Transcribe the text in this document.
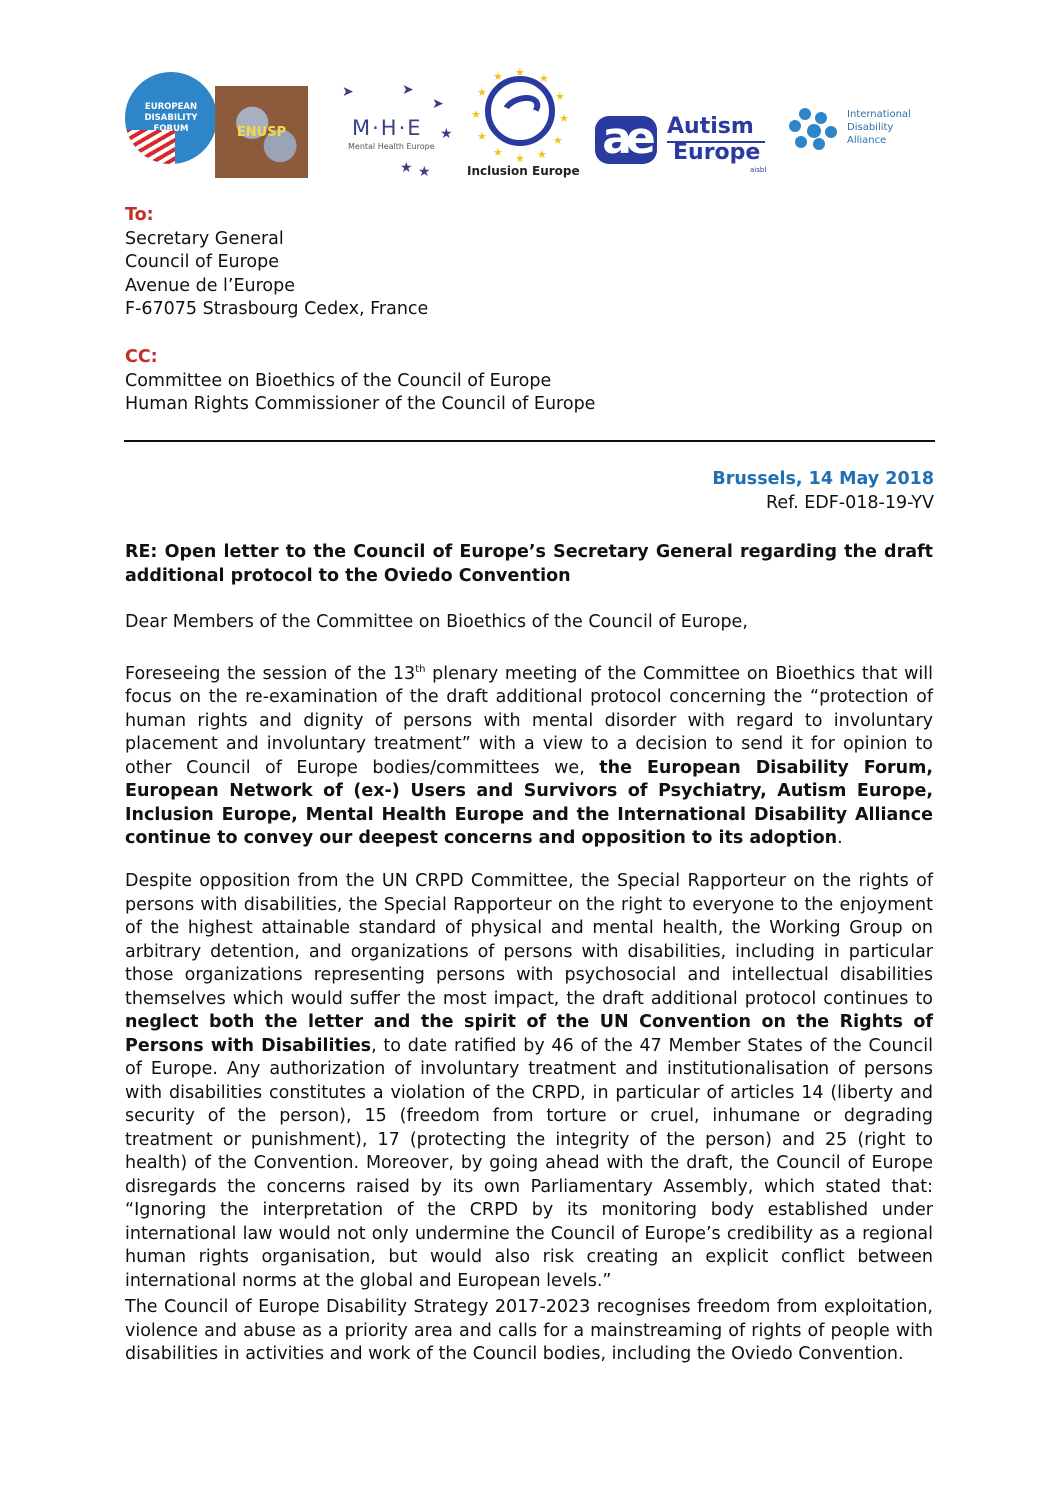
EUROPEAN DISABILITY FORUM	ENUSP
➤	➤
➤
★
★ ★
M·H·E
Mental Health Europe
★ ★
★
★
★
★
★
★
★
★
★
★
Inclusion Europe
ae Autism
Europe
aisbl
International Disability Alliance
To:
Secretary General
Council of Europe
Avenue de l’Europe
F-67075 Strasbourg Cedex, France
CC:
Committee on Bioethics of the Council of Europe
Human Rights Commissioner of the Council of Europe
Brussels, 14 May 2018
Ref. EDF-018-19-YV
RE: Open letter to the Council of Europe’s Secretary General regarding the draft additional protocol to the Oviedo Convention
Dear Members of the Committee on Bioethics of the Council of Europe,
Foreseeing the session of the 13th plenary meeting of the Committee on Bioethics that will focus on the re-examination of the draft additional protocol concerning the “protection of human rights and dignity of persons with mental disorder with regard to involuntary placement and involuntary treatment” with a view to a decision to send it for opinion to other Council of Europe bodies/committees we, the European Disability Forum, European Network of (ex-) Users and Survivors of Psychiatry, Autism Europe, Inclusion Europe, Mental Health Europe and the International Disability Alliance continue to convey our deepest concerns and opposition to its adoption.
Despite opposition from the UN CRPD Committee, the Special Rapporteur on the rights of persons with disabilities, the Special Rapporteur on the right to everyone to the enjoyment of the highest attainable standard of physical and mental health, the Working Group on arbitrary detention, and organizations of persons with disabilities, including in particular those organizations representing persons with psychosocial and intellectual disabilities themselves which would suffer the most impact, the draft additional protocol continues to neglect both the letter and the spirit of the UN Convention on the Rights of Persons with Disabilities, to date ratified by 46 of the 47 Member States of the Council of Europe. Any authorization of involuntary treatment and institutionalisation of persons with disabilities constitutes a violation of the CRPD, in particular of articles 14 (liberty and security of the person), 15 (freedom from torture or cruel, inhumane or degrading treatment or punishment), 17 (protecting the integrity of the person) and 25 (right to health) of the Convention. Moreover, by going ahead with the draft, the Council of Europe disregards the concerns raised by its own Parliamentary Assembly, which stated that: “Ignoring the interpretation of the CRPD by its monitoring body established under international law would not only undermine the Council of Europe’s credibility as a regional human rights organisation, but would also risk creating an explicit conflict between international norms at the global and European levels.”
The Council of Europe Disability Strategy 2017-2023 recognises freedom from exploitation, violence and abuse as a priority area and calls for a mainstreaming of rights of people with disabilities in activities and work of the Council bodies, including the Oviedo Convention.
